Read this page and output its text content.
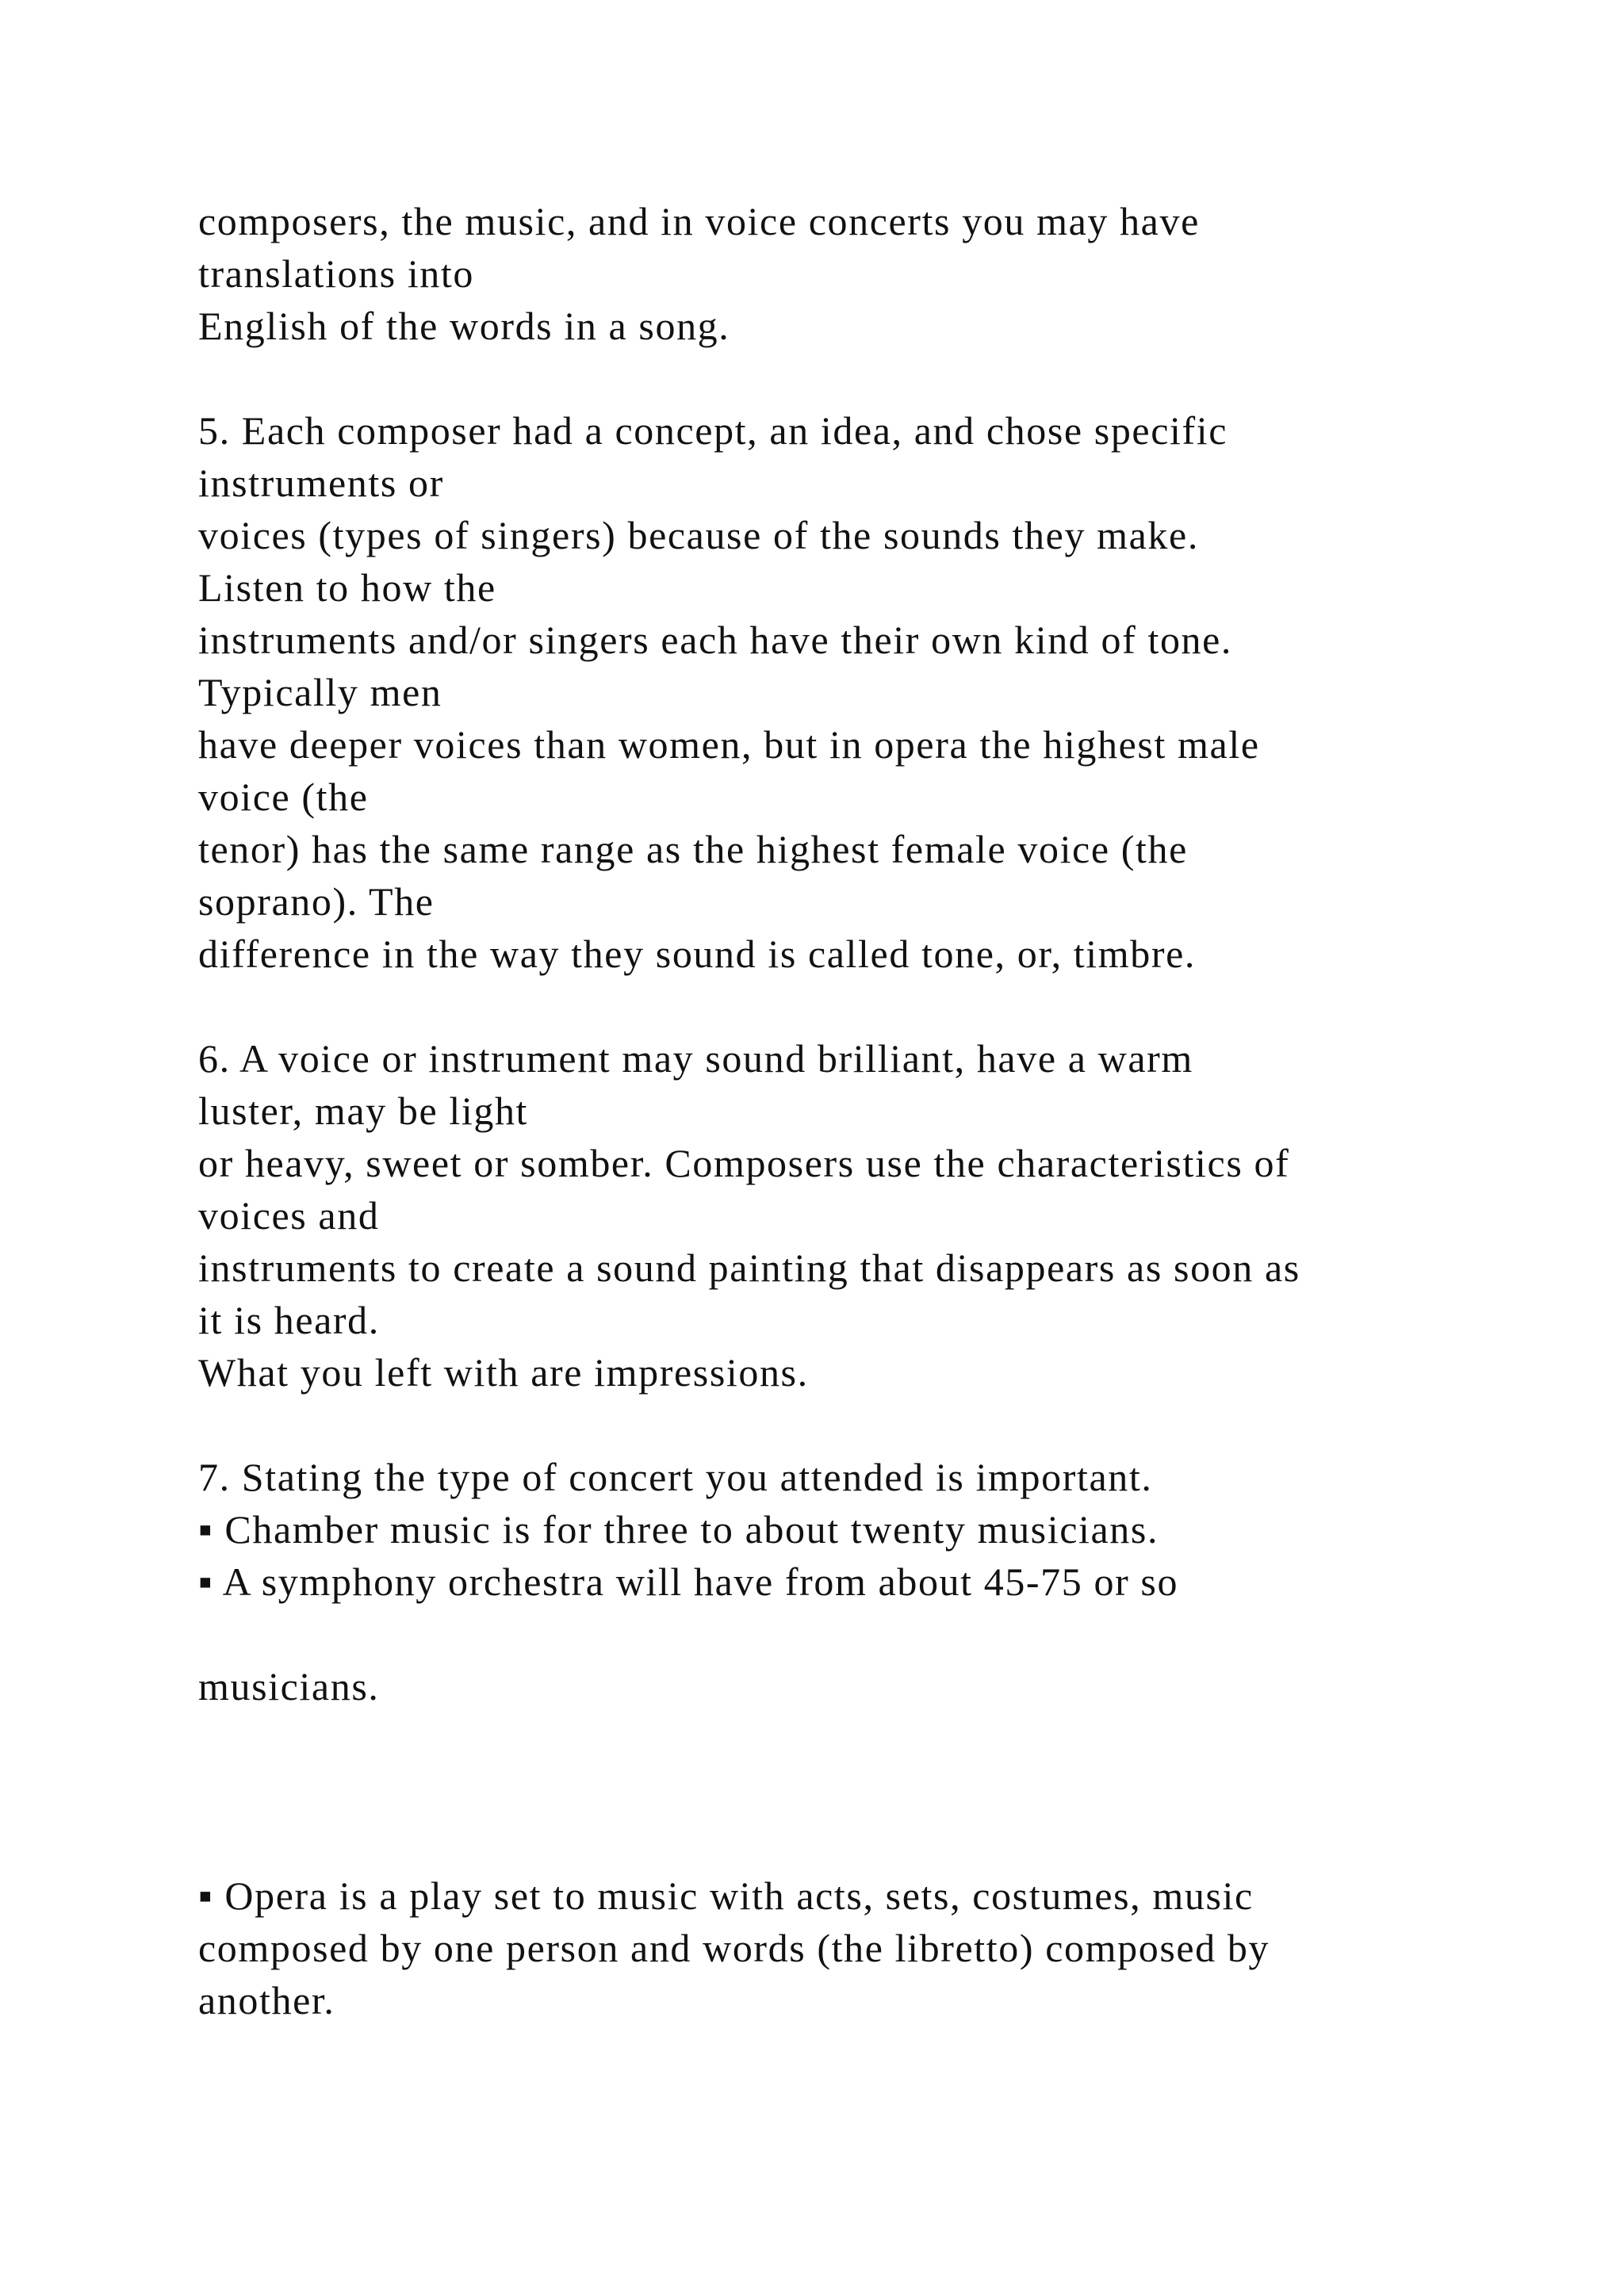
composers, the music, and in voice concerts you may have
translations into
English of the words in a song.
5. Each composer had a concept, an idea, and chose specific
instruments or
voices (types of singers) because of the sounds they make.
Listen to how the
instruments and/or singers each have their own kind of tone.
Typically men
have deeper voices than women, but in opera the highest male
voice (the
tenor) has the same range as the highest female voice (the
soprano). The
difference in the way they sound is called tone, or, timbre.
6. A voice or instrument may sound brilliant, have a warm
luster, may be light
or heavy, sweet or somber. Composers use the characteristics of
voices and
instruments to create a sound painting that disappears as soon as
it is heard.
What you left with are impressions.
7. Stating the type of concert you attended is important.
▪ Chamber music is for three to about twenty musicians.
▪ A symphony orchestra will have from about 45-75 or so
musicians.
▪ Opera is a play set to music with acts, sets, costumes, music
composed by one person and words (the libretto) composed by
another.
